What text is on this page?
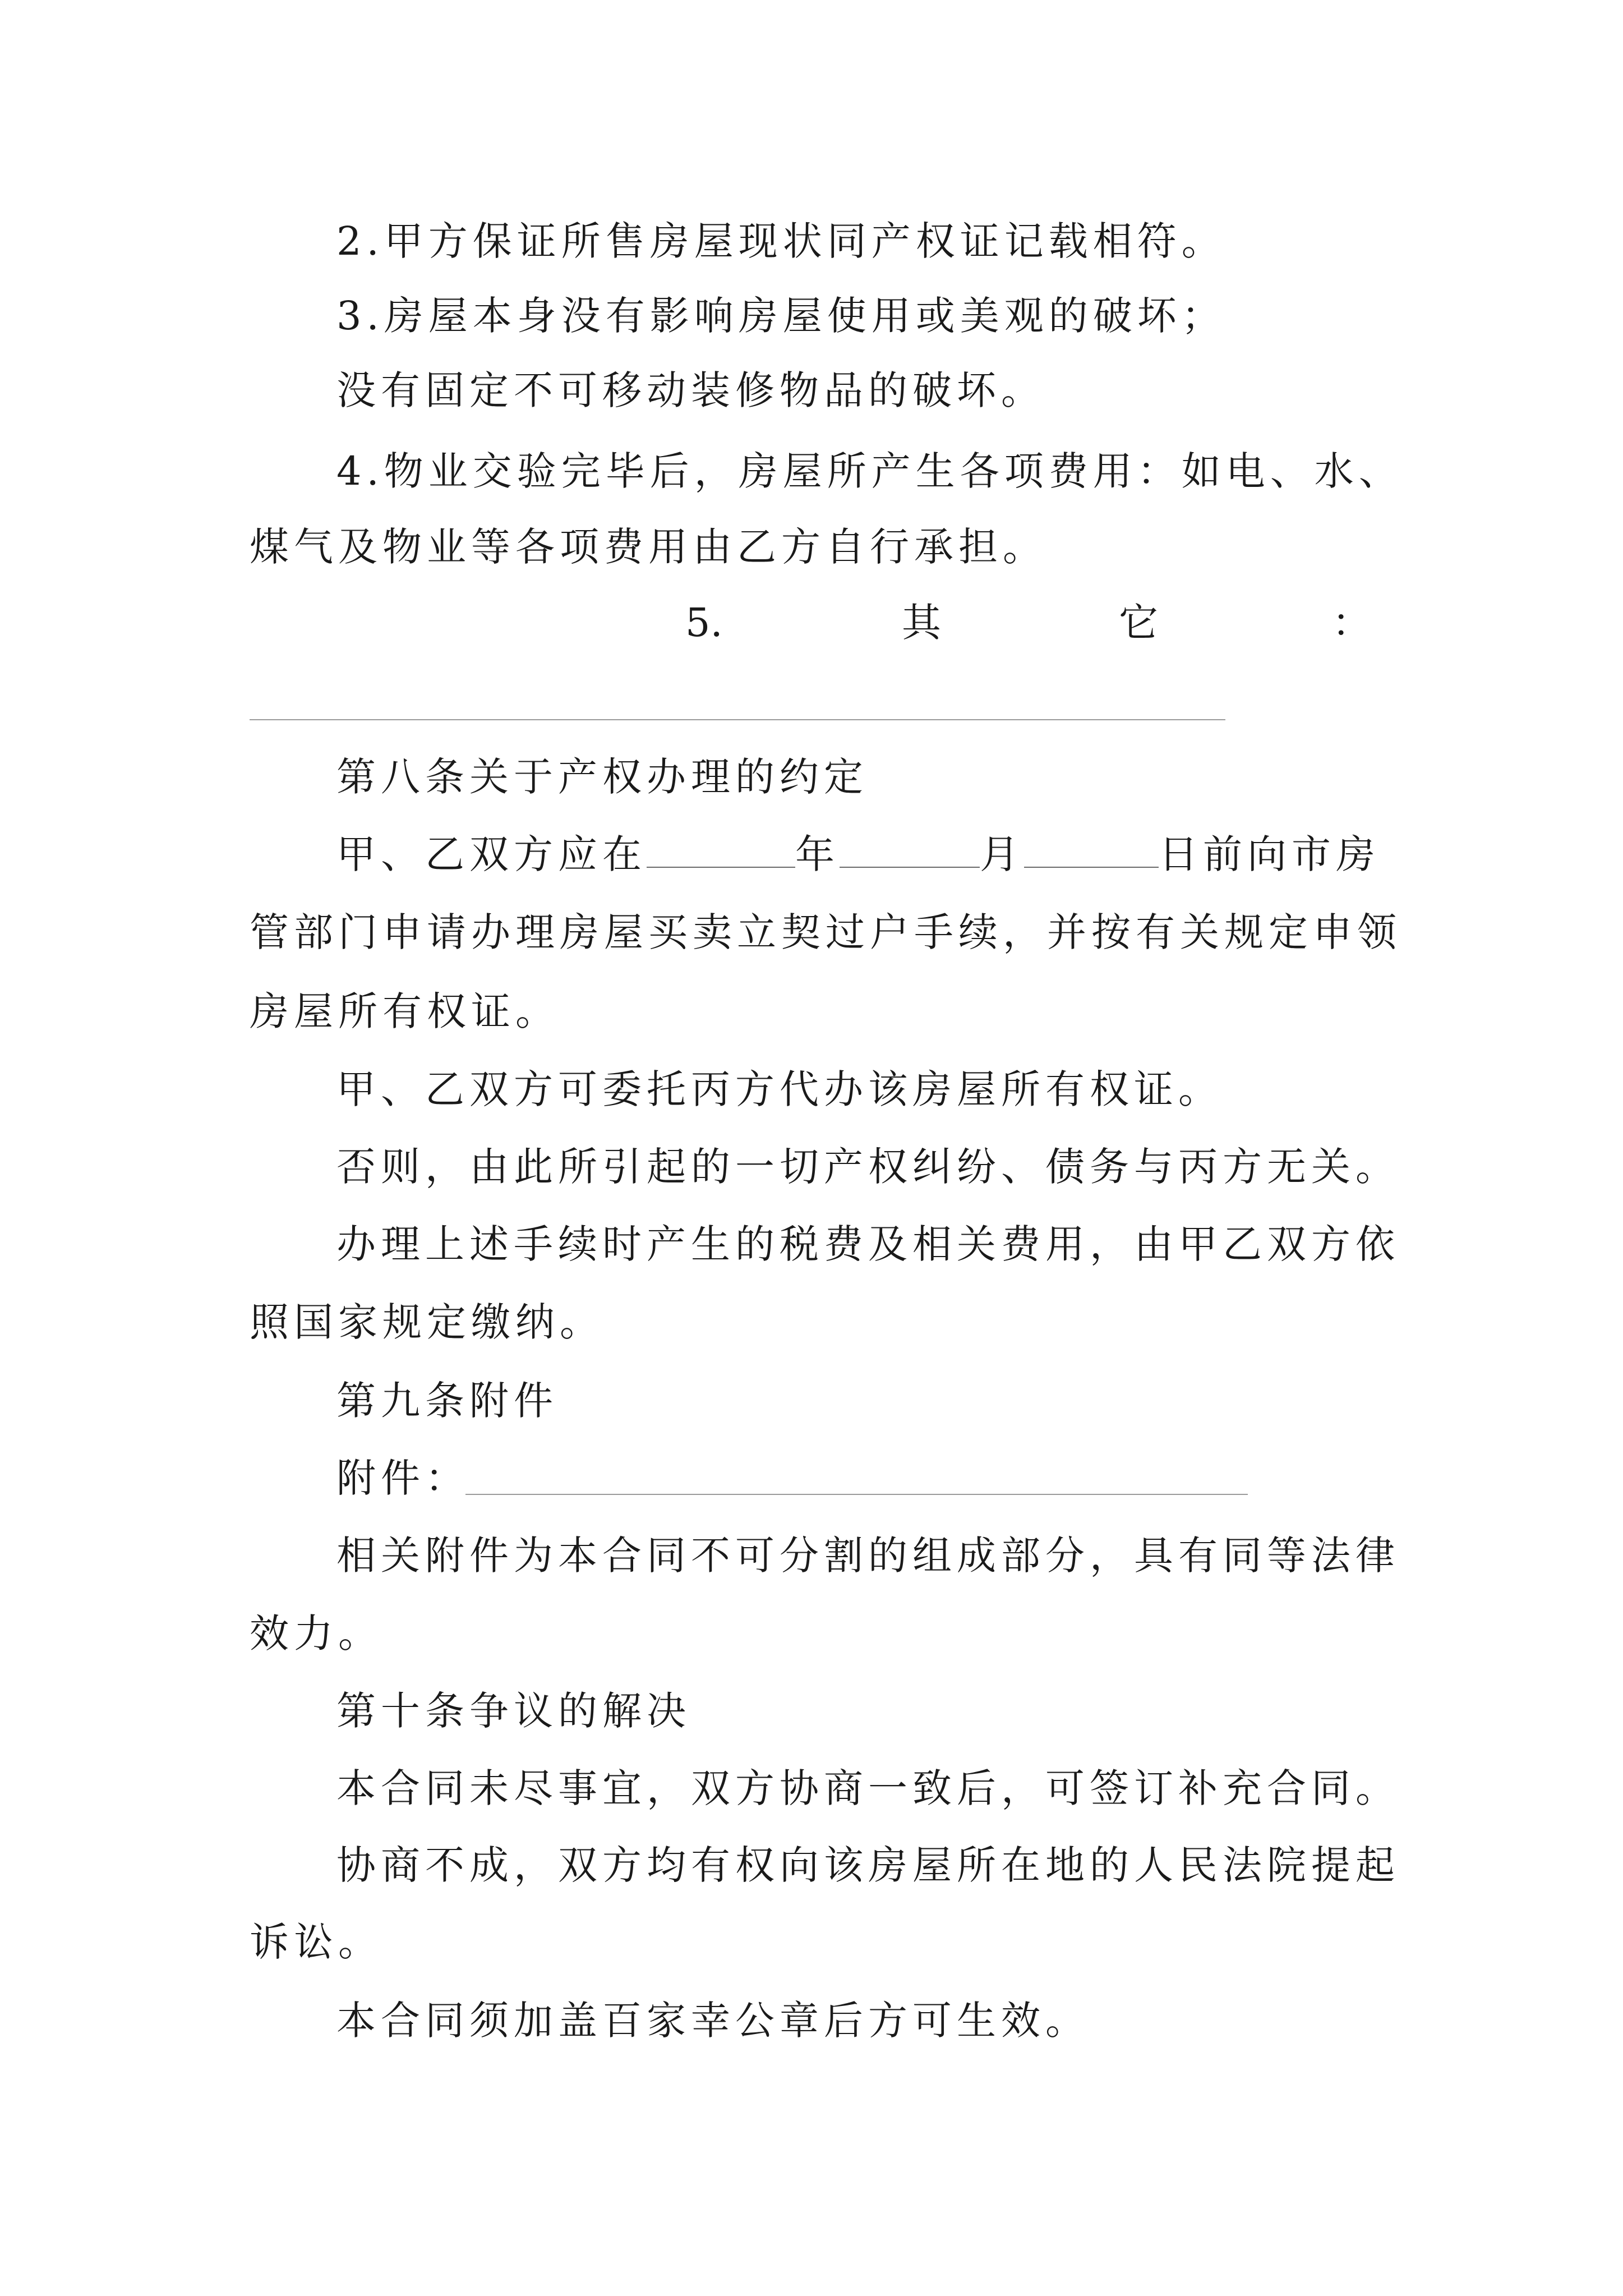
2.甲方保证所售房屋现状同产权证记载相符。
3.房屋本身没有影响房屋使用或美观的破坏；
没有固定不可移动装修物品的破坏。
4.物业交验完毕后，房屋所产生各项费用：如电、水、
煤气及物业等各项费用由乙方自行承担。
5.	其	它	：
第八条关于产权办理的约定
甲、乙双方应在	年	月	日前向市房
管部门申请办理房屋买卖立契过户手续，并按有关规定申领
房屋所有权证。
甲、乙双方可委托丙方代办该房屋所有权证。
否则，由此所引起的一切产权纠纷、债务与丙方无关。
办理上述手续时产生的税费及相关费用，由甲乙双方依
照国家规定缴纳。
第九条附件
附件：
相关附件为本合同不可分割的组成部分，具有同等法律
效力。
第十条争议的解决
本合同未尽事宜，双方协商一致后，可签订补充合同。
协商不成，双方均有权向该房屋所在地的人民法院提起
诉讼。
本合同须加盖百家幸公章后方可生效。
